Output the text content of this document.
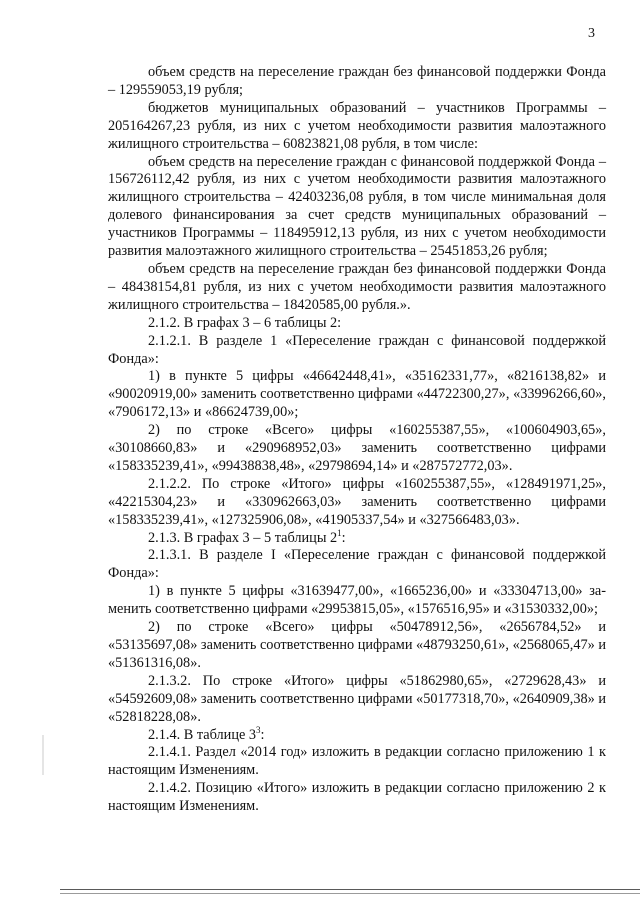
3

объем средств на переселение граждан без финансовой поддержки Фонда – 129559053,19 рубля;

бюджетов муниципальных образований – участников Программы – 205164267,23 рубля, из них с учетом необходимости развития малоэтажного жилищного строительства – 60823821,08 рубля, в том числе:

объем средств на переселение граждан с финансовой поддержкой Фонда – 156726112,42 рубля, из них с учетом необходимости развития малоэтажного жилищного строительства – 42403236,08 рубля, в том числе минимальная доля долевого финансирования за счет средств муниципальных образований – участников Программы – 118495912,13 рубля, из них с учетом необходимости развития малоэтажного жилищного строительства – 25451853,26 рубля;

объем средств на переселение граждан без финансовой поддержки Фонда – 48438154,81 рубля, из них с учетом необходимости развития малоэтажного жилищного строительства – 18420585,00 рубля.».

2.1.2. В графах 3 – 6 таблицы 2:

2.1.2.1. В разделе 1 «Переселение граждан с финансовой поддержкой Фонда»:

1) в пункте 5 цифры «46642448,41», «35162331,77», «8216138,82» и «90020919,00» заменить соответственно цифрами «44722300,27», «33996266,60», «7906172,13» и «86624739,00»;

2) по строке «Всего» цифры «160255387,55», «100604903,65», «30108660,83» и «290968952,03» заменить соответственно цифрами «158335239,41», «99438838,48», «29798694,14» и «287572772,03».

2.1.2.2. По строке «Итого» цифры «160255387,55», «128491971,25», «42215304,23» и «330962663,03» заменить соответственно цифрами «158335239,41», «127325906,08», «41905337,54» и «327566483,03».

2.1.3. В графах 3 – 5 таблицы $2^1$:

2.1.3.1. В разделе I «Переселение граждан с финансовой поддержкой Фонда»:

1) в пункте 5 цифры «31639477,00», «1665236,00» и «33304713,00» заменить соответственно цифрами «29953815,05», «1576516,95» и «31530332,00»;

2) по строке «Всего» цифры «50478912,56», «2656784,52» и «53135697,08» заменить соответственно цифрами «48793250,61», «2568065,47» и «51361316,08».

2.1.3.2. По строке «Итого» цифры «51862980,65», «2729628,43» и «54592609,08» заменить соответственно цифрами «50177318,70», «2640909,38» и «52818228,08».

2.1.4. В таблице $3^3$:

2.1.4.1. Раздел «2014 год» изложить в редакции согласно приложению 1 к настоящим Изменениям.

2.1.4.2. Позицию «Итого» изложить в редакции согласно приложению 2 к настоящим Изменениям.
